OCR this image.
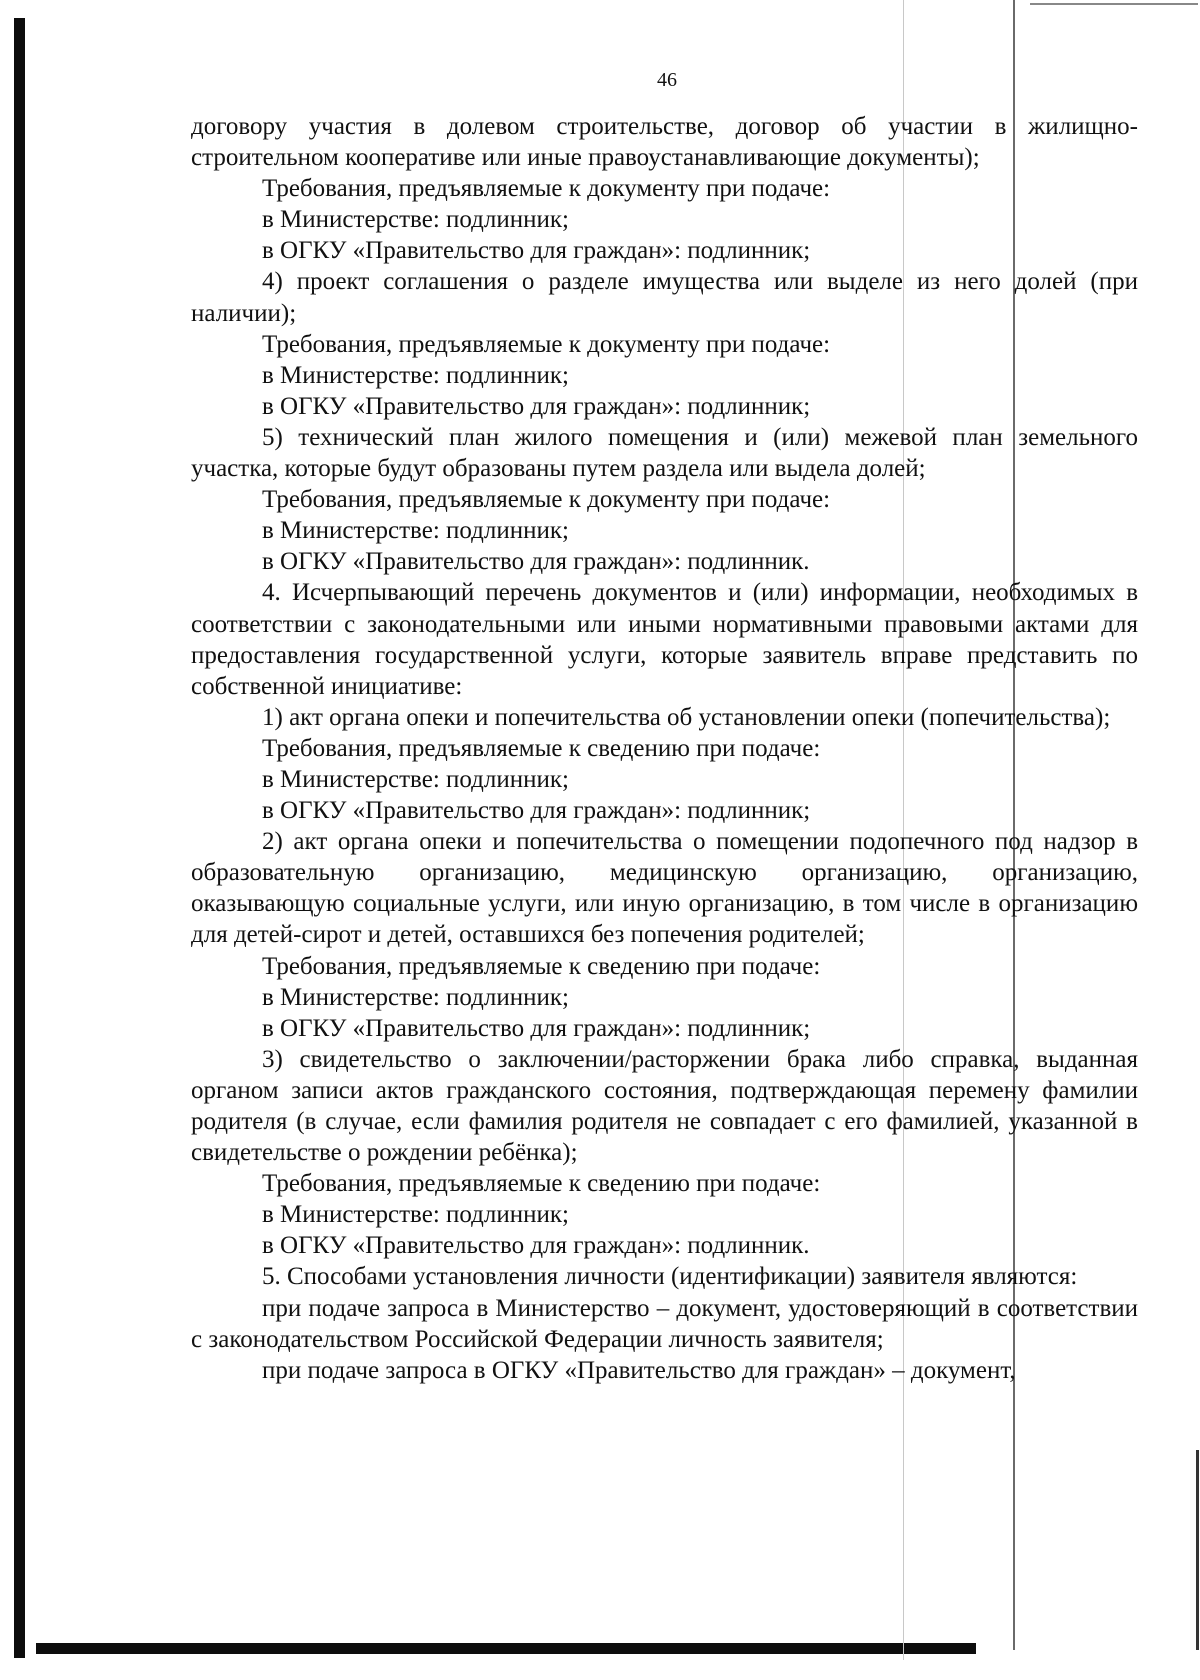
46

договору участия в долевом строительстве, договор об участии в жилищно-строительном кооперативе или иные правоустанавливающие документы);

Требования, предъявляемые к документу при подаче:

в Министерстве: подлинник;

в ОГКУ «Правительство для граждан»: подлинник;

4) проект соглашения о разделе имущества или выделе из него долей (при наличии);

Требования, предъявляемые к документу при подаче:

в Министерстве: подлинник;

в ОГКУ «Правительство для граждан»: подлинник;

5) технический план жилого помещения и (или) межевой план земельного участка, которые будут образованы путем раздела или выдела долей;

Требования, предъявляемые к документу при подаче:

в Министерстве: подлинник;

в ОГКУ «Правительство для граждан»: подлинник.

4. Исчерпывающий перечень документов и (или) информации, необходимых в соответствии с законодательными или иными нормативными правовыми актами для предоставления государственной услуги, которые заявитель вправе представить по собственной инициативе:

1) акт органа опеки и попечительства об установлении опеки (попечительства);

Требования, предъявляемые к сведению при подаче:

в Министерстве: подлинник;

в ОГКУ «Правительство для граждан»: подлинник;

2) акт органа опеки и попечительства о помещении подопечного под надзор в образовательную организацию, медицинскую организацию, организацию, оказывающую социальные услуги, или иную организацию, в том числе в организацию для детей-сирот и детей, оставшихся без попечения родителей;

Требования, предъявляемые к сведению при подаче:

в Министерстве: подлинник;

в ОГКУ «Правительство для граждан»: подлинник;

3) свидетельство о заключении/расторжении брака либо справка, выданная органом записи актов гражданского состояния, подтверждающая перемену фамилии родителя (в случае, если фамилия родителя не совпадает с его фамилией, указанной в свидетельстве о рождении ребёнка);

Требования, предъявляемые к сведению при подаче:

в Министерстве: подлинник;

в ОГКУ «Правительство для граждан»: подлинник.

5. Способами установления личности (идентификации) заявителя являются:

при подаче запроса в Министерство – документ, удостоверяющий в соответствии с законодательством Российской Федерации личность заявителя;

при подаче запроса в ОГКУ «Правительство для граждан» – документ,
